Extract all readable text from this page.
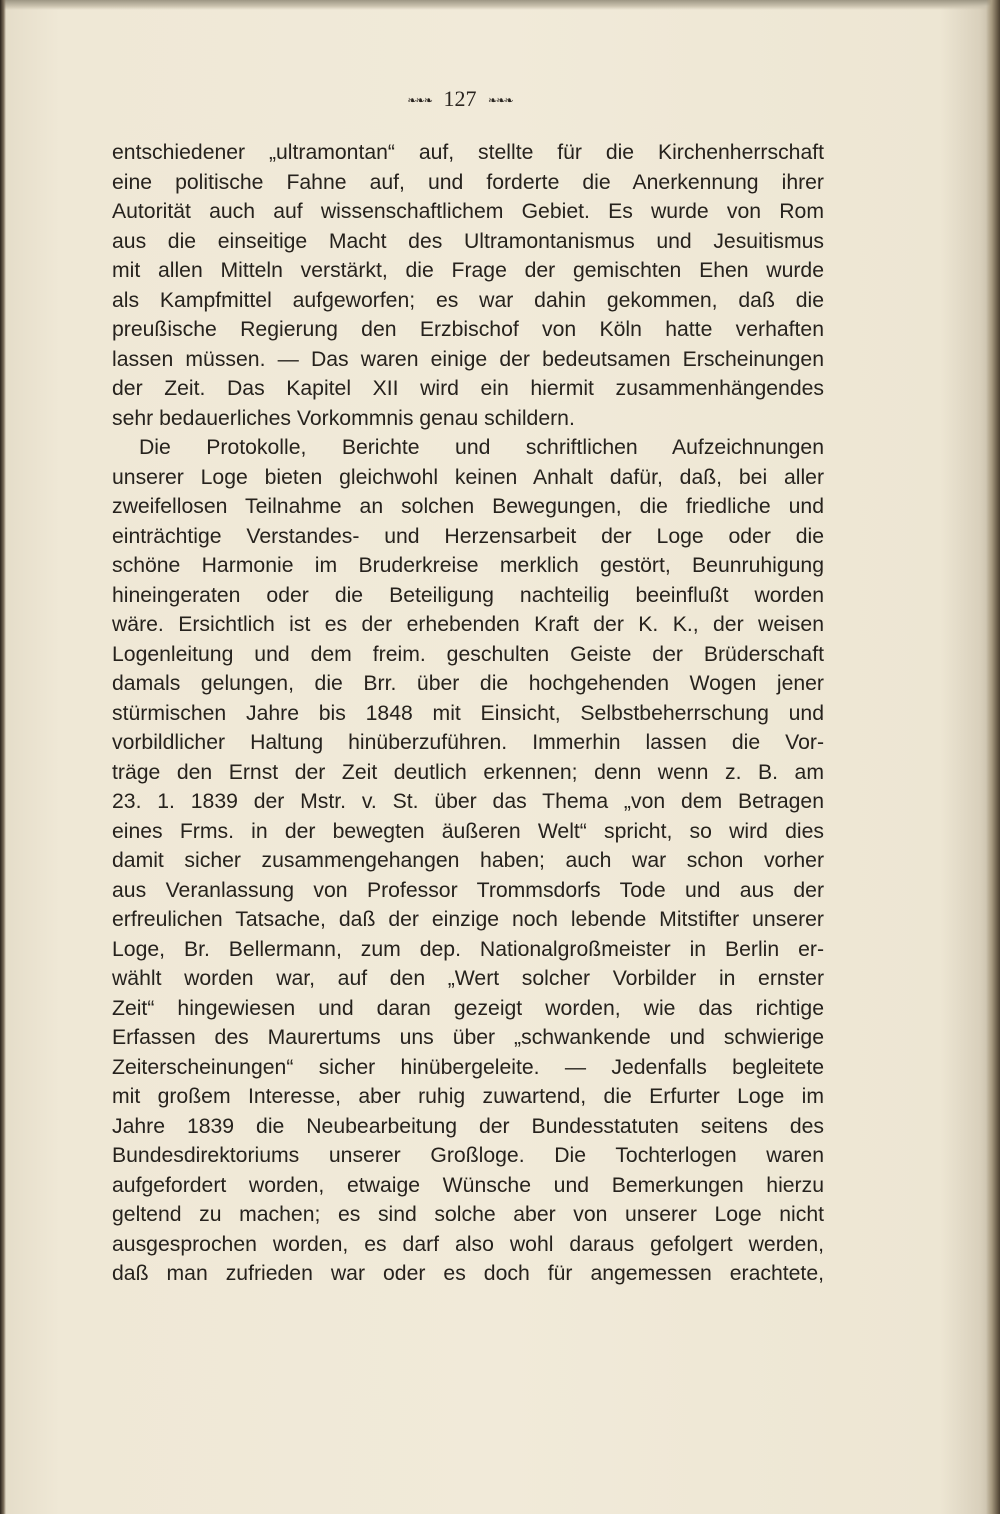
❧❧❧ 127 ❧❧❧

entschiedener „ultramontan“ auf, stellte für die Kirchenherrschaft

eine politische Fahne auf, und forderte die Anerkennung ihrer

Autorität auch auf wissenschaftlichem Gebiet. Es wurde von Rom

aus die einseitige Macht des Ultramontanismus und Jesuitismus

mit allen Mitteln verstärkt, die Frage der gemischten Ehen wurde

als Kampfmittel aufgeworfen; es war dahin gekommen, daß die

preußische Regierung den Erzbischof von Köln hatte verhaften

lassen müssen. — Das waren einige der bedeutsamen Erscheinungen

der Zeit. Das Kapitel XII wird ein hiermit zusammenhängendes

sehr bedauerliches Vorkommnis genau schildern.

Die Protokolle, Berichte und schriftlichen Aufzeichnungen

unserer Loge bieten gleichwohl keinen Anhalt dafür, daß, bei aller

zweifellosen Teilnahme an solchen Bewegungen, die friedliche und

einträchtige Verstandes- und Herzensarbeit der Loge oder die

schöne Harmonie im Bruderkreise merklich gestört, Beunruhigung

hineingeraten oder die Beteiligung nachteilig beeinflußt worden

wäre. Ersichtlich ist es der erhebenden Kraft der K. K., der weisen

Logenleitung und dem freim. geschulten Geiste der Brüderschaft

damals gelungen, die Brr. über die hochgehenden Wogen jener

stürmischen Jahre bis 1848 mit Einsicht, Selbstbeherrschung und

vorbildlicher Haltung hinüberzuführen. Immerhin lassen die Vor-

träge den Ernst der Zeit deutlich erkennen; denn wenn z. B. am

23. 1. 1839 der Mstr. v. St. über das Thema „von dem Betragen

eines Frms. in der bewegten äußeren Welt“ spricht, so wird dies

damit sicher zusammengehangen haben; auch war schon vorher

aus Veranlassung von Professor Trommsdorfs Tode und aus der

erfreulichen Tatsache, daß der einzige noch lebende Mitstifter unserer

Loge, Br. Bellermann, zum dep. Nationalgroßmeister in Berlin er-

wählt worden war, auf den „Wert solcher Vorbilder in ernster

Zeit“ hingewiesen und daran gezeigt worden, wie das richtige

Erfassen des Maurertums uns über „schwankende und schwierige

Zeiterscheinungen“ sicher hinübergeleite. — Jedenfalls begleitete

mit großem Interesse, aber ruhig zuwartend, die Erfurter Loge im

Jahre 1839 die Neubearbeitung der Bundesstatuten seitens des

Bundesdirektoriums unserer Großloge. Die Tochterlogen waren

aufgefordert worden, etwaige Wünsche und Bemerkungen hierzu

geltend zu machen; es sind solche aber von unserer Loge nicht

ausgesprochen worden, es darf also wohl daraus gefolgert werden,

daß man zufrieden war oder es doch für angemessen erachtete,
